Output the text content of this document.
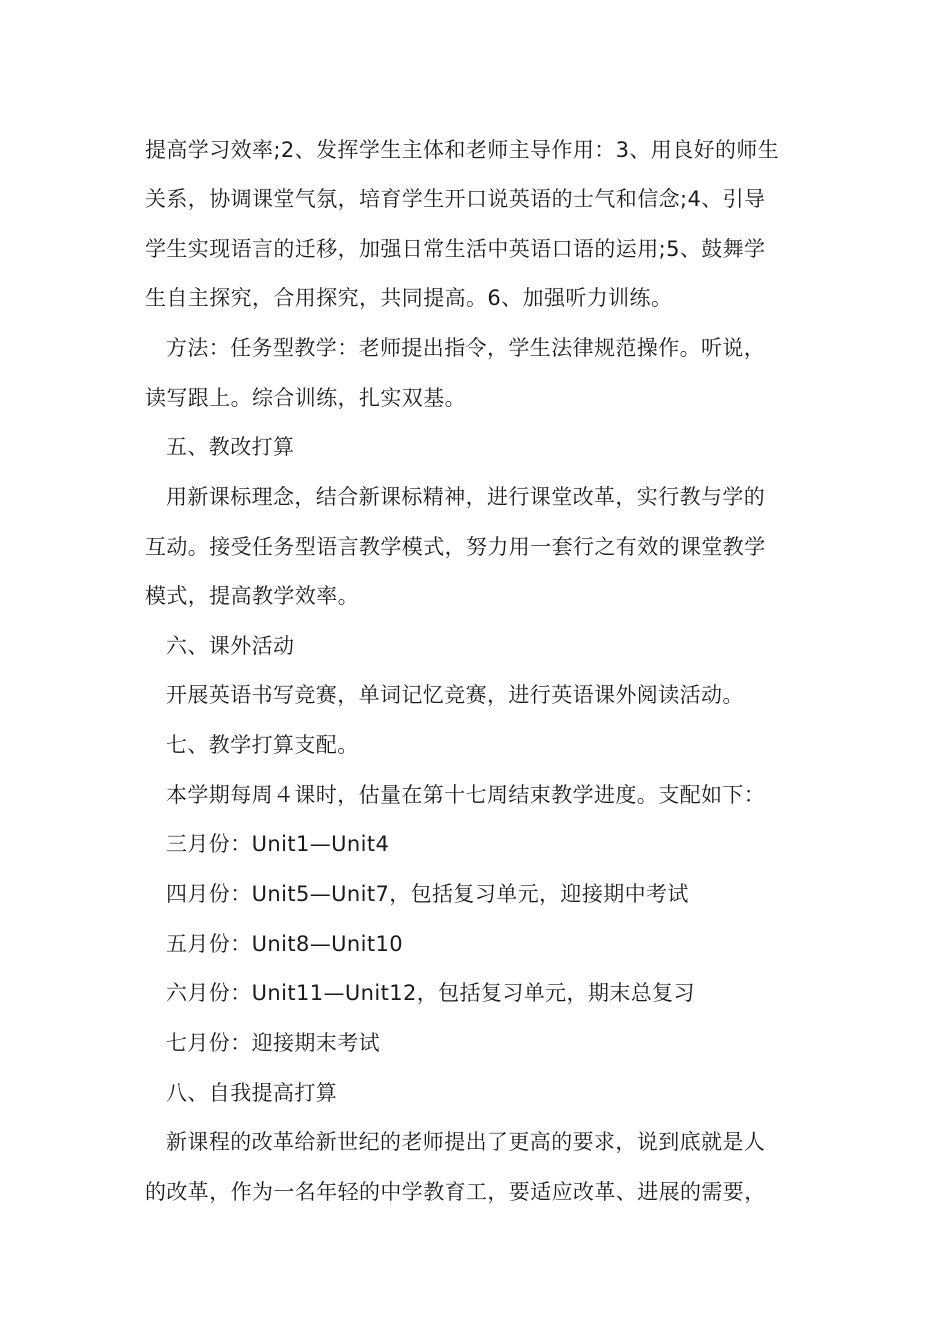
提高学习效率;2、发挥学生主体和老师主导作用：3、用良好的师生
关系，协调课堂气氛，培育学生开口说英语的士气和信念;4、引导
学生实现语言的迁移，加强日常生活中英语口语的运用;5、鼓舞学
生自主探究，合用探究，共同提高。6、加强听力训练。
方法：任务型教学：老师提出指令，学生法律规范操作。听说，
读写跟上。综合训练，扎实双基。
五、教改打算
用新课标理念，结合新课标精神，进行课堂改革，实行教与学的
互动。接受任务型语言教学模式，努力用一套行之有效的课堂教学
模式，提高教学效率。
六、课外活动
开展英语书写竞赛，单词记忆竞赛，进行英语课外阅读活动。
七、教学打算支配。
本学期每周４课时，估量在第十七周结束教学进度。支配如下：
三月份：Unit1—Unit4
四月份：Unit5—Unit7，包括复习单元，迎接期中考试
五月份：Unit8—Unit10
六月份：Unit11—Unit12，包括复习单元，期末总复习
七月份：迎接期末考试
八、自我提高打算
新课程的改革给新世纪的老师提出了更高的要求，说到底就是人
的改革，作为一名年轻的中学教育工，要适应改革、进展的需要，
